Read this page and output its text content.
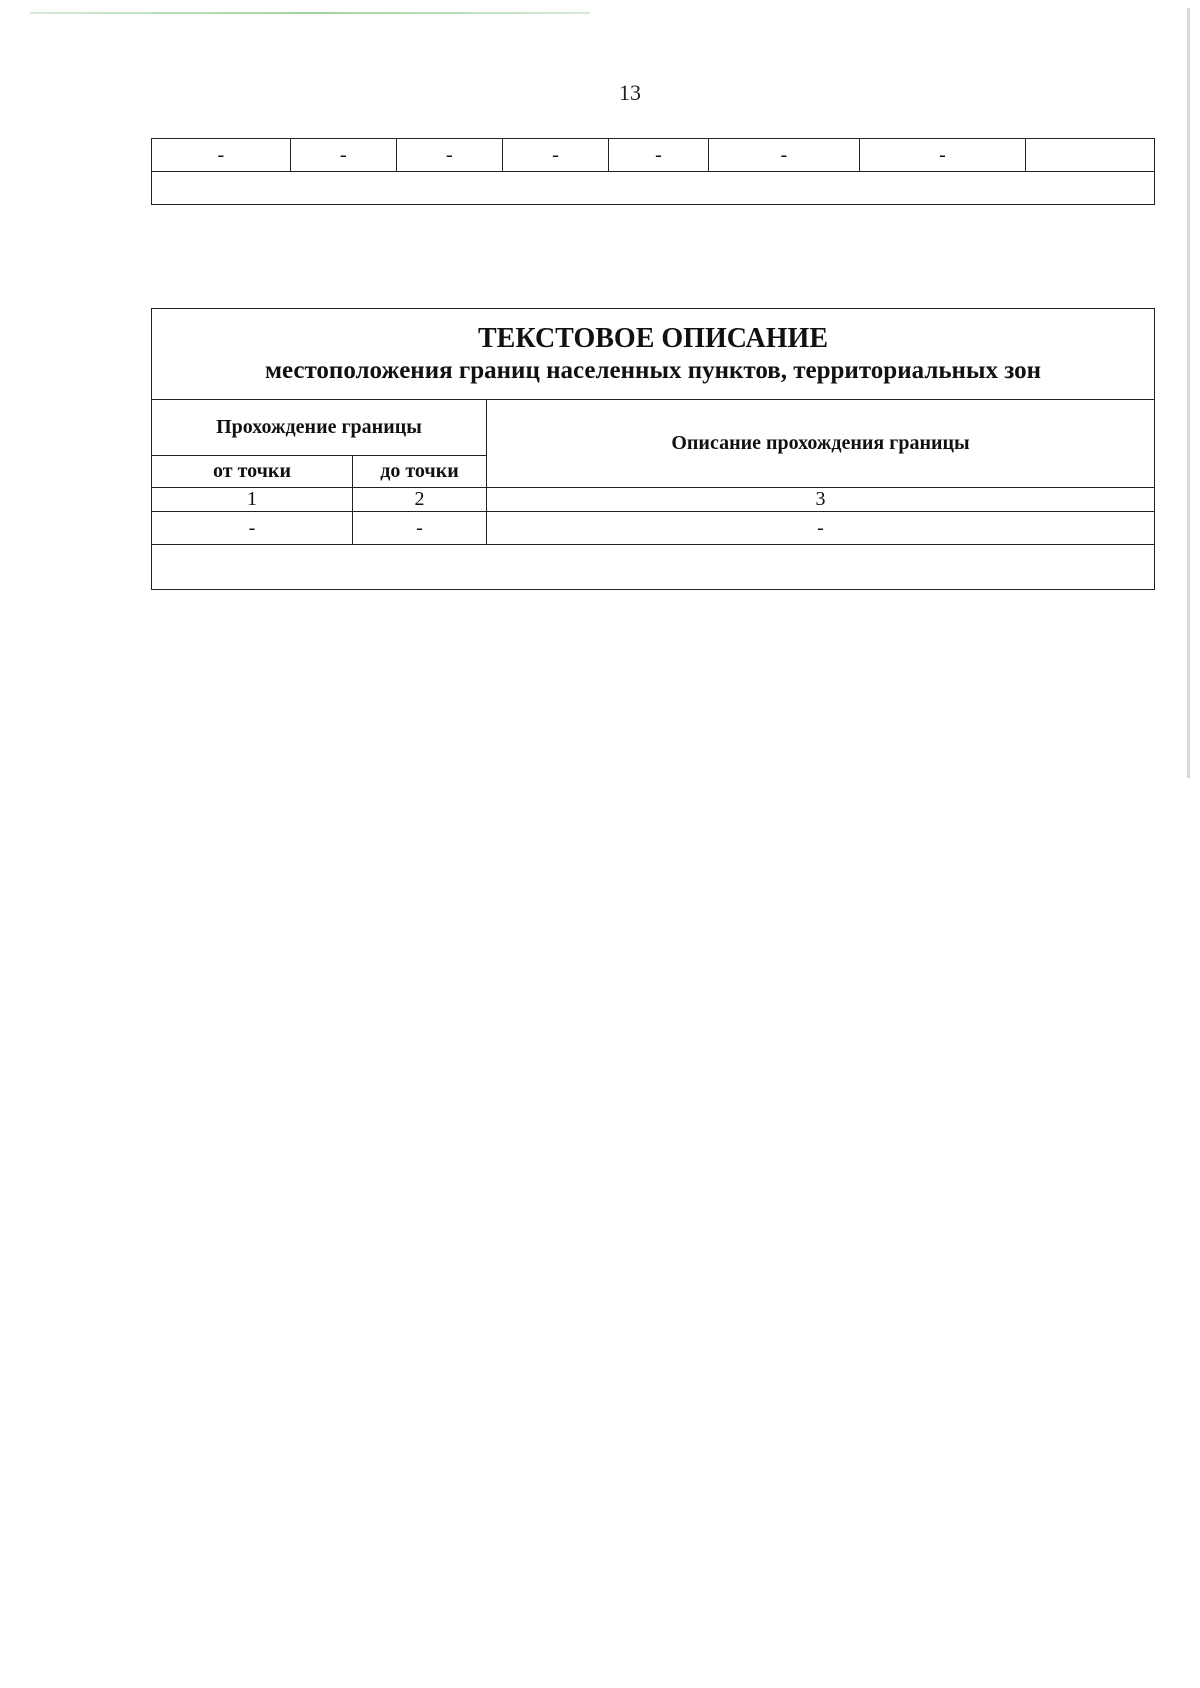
13
-	-	-	-	-	-	-	

ТЕКСТОВОЕ ОПИСАНИЕ
местоположения границ населенных пунктов, территориальных зон		

Прохождение границы		Описание прохождения границы
от точки	до точки	
1	2	3
-	-	-
